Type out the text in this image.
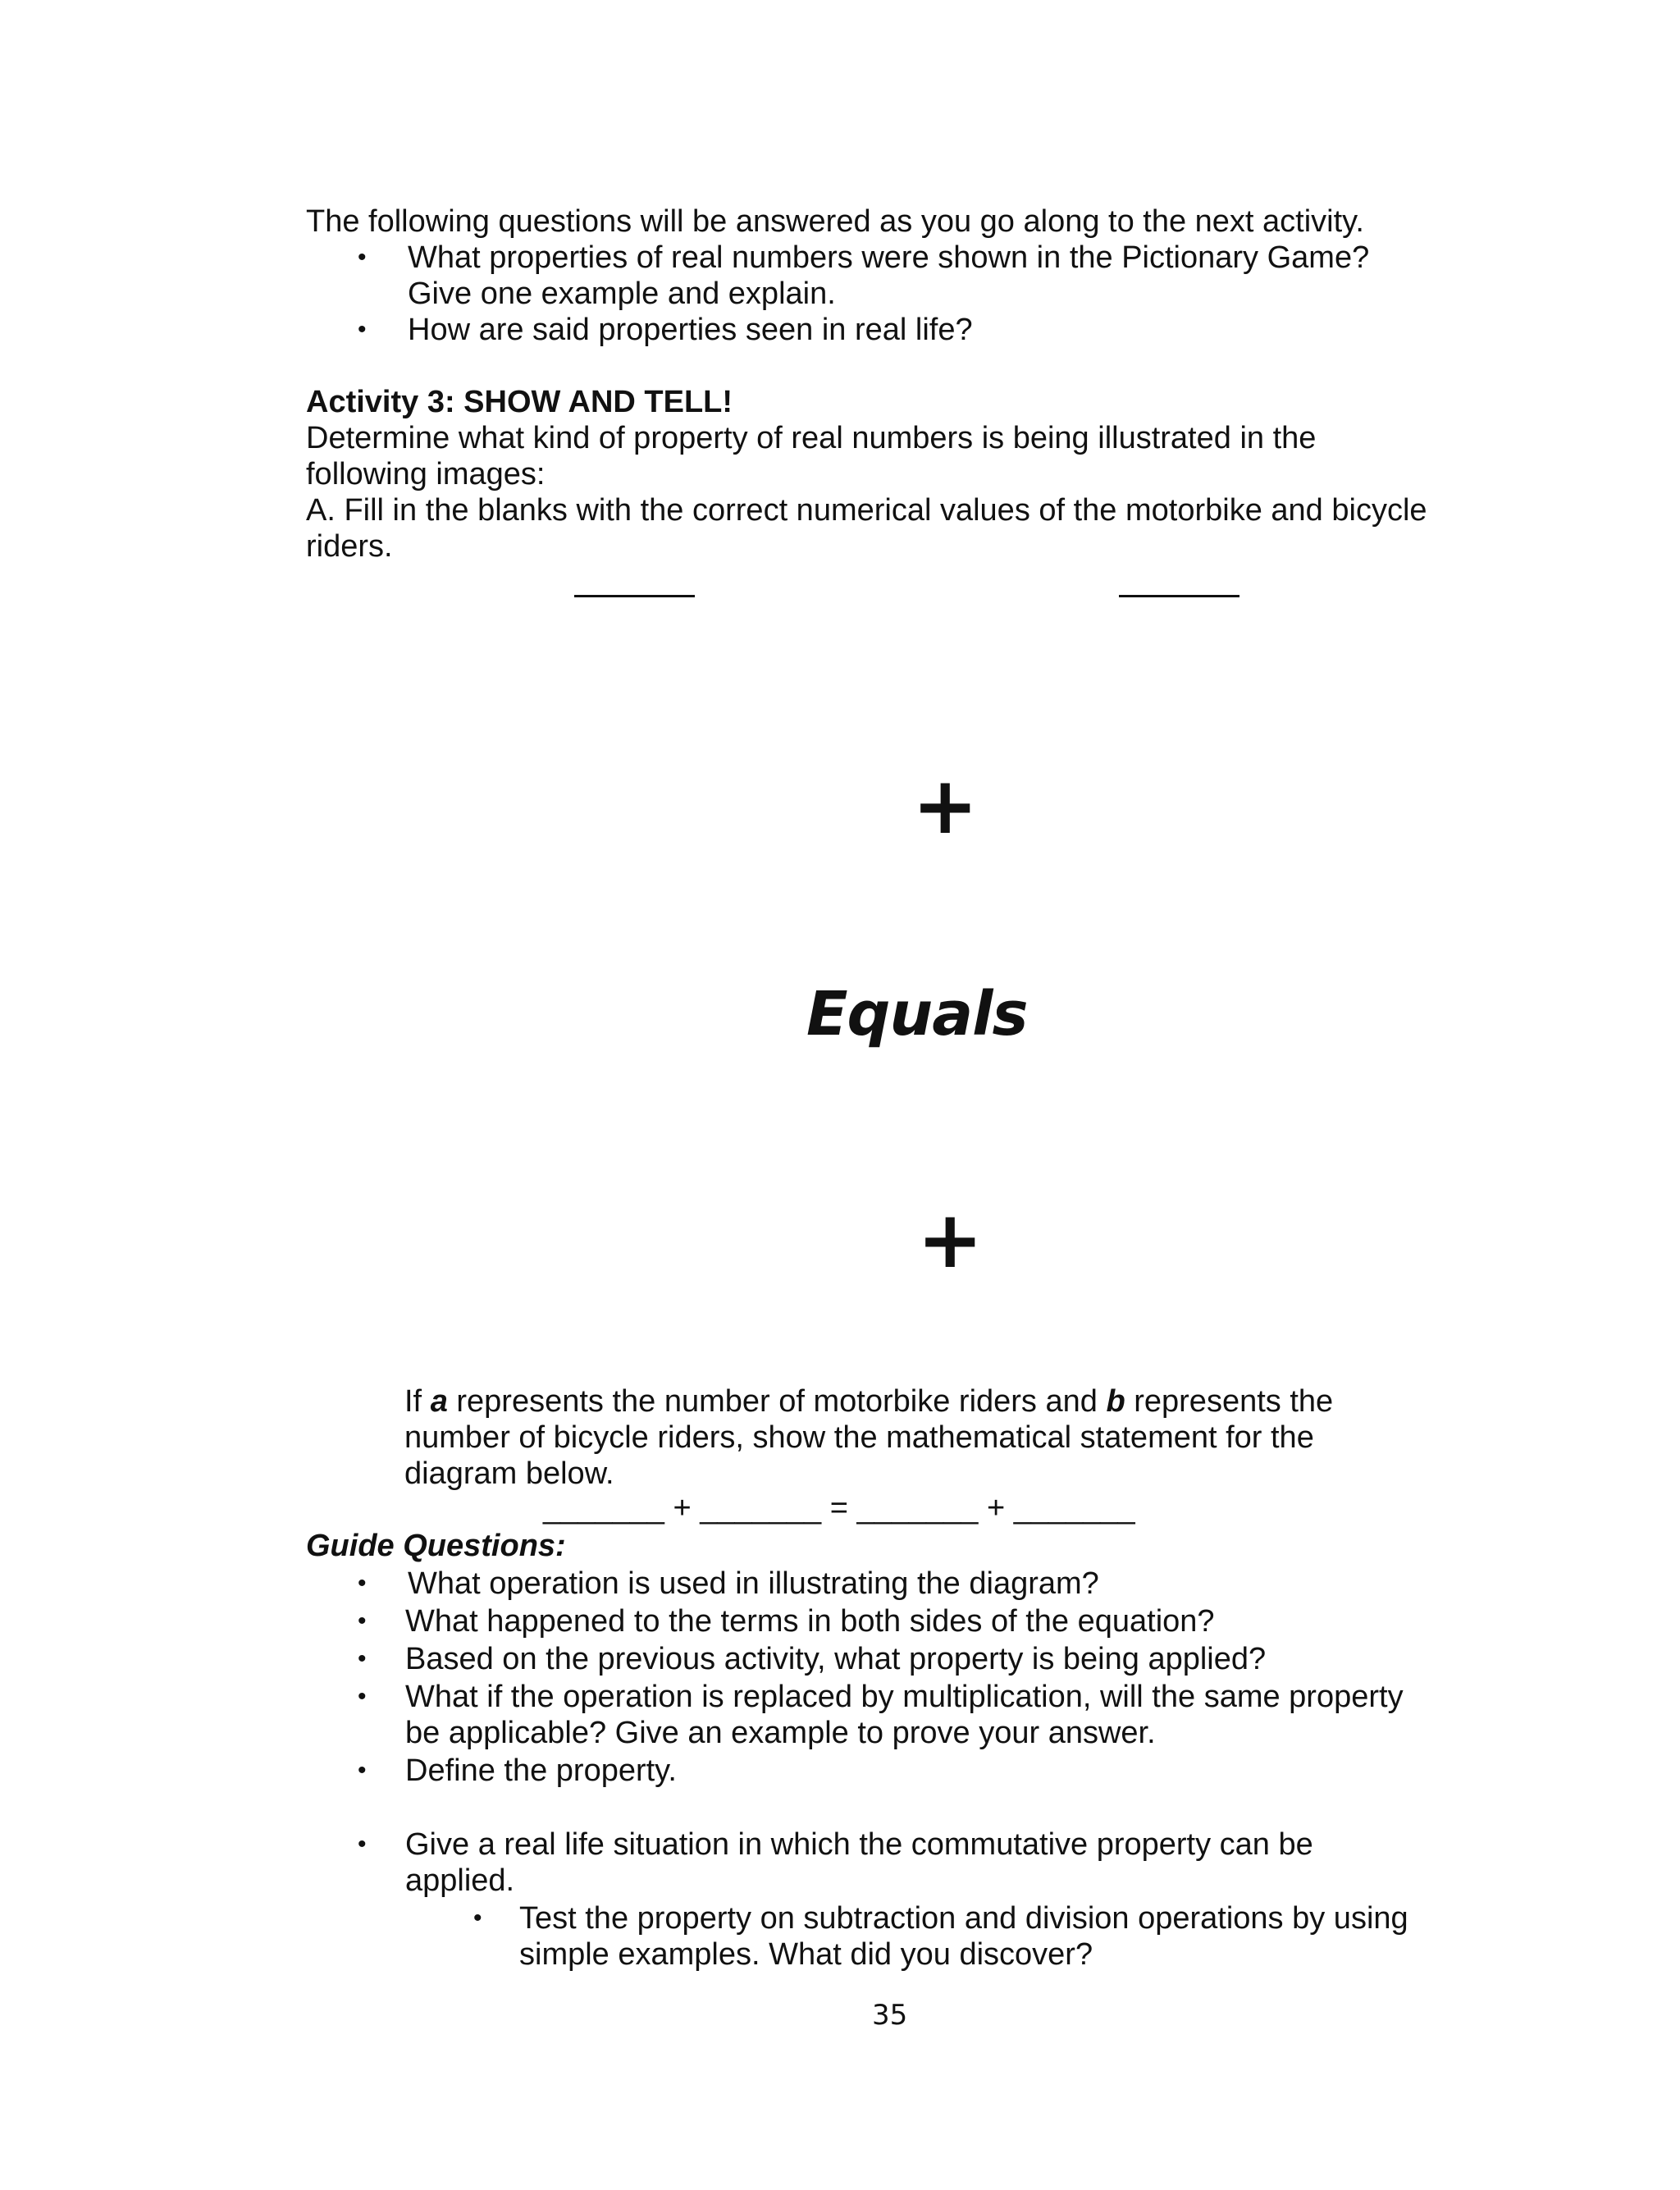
The following questions will be answered as you go along to the next activity.
• What properties of real numbers were shown in the Pictionary Game?
Give one example and explain.
• How are said properties seen in real life?
Activity 3: SHOW AND TELL!
Determine what kind of property of real numbers is being illustrated in the
following images:
A. Fill in the blanks with the correct numerical values of the motorbike and bicycle
riders.
+
Equals
+
If a represents the number of motorbike riders and b represents the
number of bicycle riders, show the mathematical statement for the
diagram below.
_______ + _______ = _______ + _______
Guide Questions:
• What operation is used in illustrating the diagram?
• What happened to the terms in both sides of the equation?
• Based on the previous activity, what property is being applied?
• What if the operation is replaced by multiplication, will the same property
be applicable? Give an example to prove your answer.
• Define the property.
• Give a real life situation in which the commutative property can be
applied.
• Test the property on subtraction and division operations by using
simple examples. What did you discover?
35
